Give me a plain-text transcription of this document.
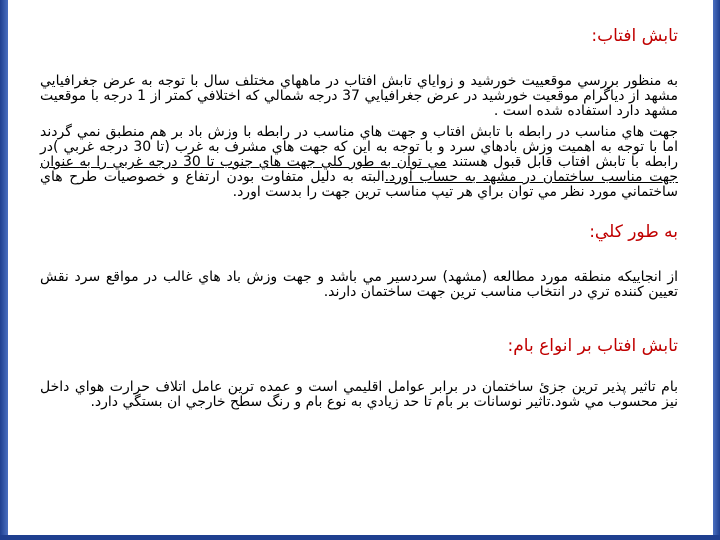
تابش افتاب:

به منظور بررسي موقعييت خورشيد و زواياي تابش افتاب در ماههاي مختلف سال با توجه به عرض جغرافيايي مشهد از دياگرام موقعيت خورشيد در عرض جغرافيايي 37 درجه شمالي كه اختلافي كمتر از 1 درجه با موقعيت مشهد دارد استفاده شده است .

جهت هاي مناسب در رابطه با تابش افتاب و جهت هاي مناسب در رابطه با وزش باد بر هم منطبق نمي گردند اما با توجه به اهميت وزش بادهاي سرد و با توجه به اين كه جهت هاي مشرف به غرب (تا 30 درجه غربي )در رابطه با تابش افتاب قابل قبول هستند مي توان به طور كلي جهت هاي جنوب تا 30 درجه غربي را به عنوان جهت مناسب ساختمان در مشهد به حساب اورد.البته به دليل متفاوت بودن ارتفاع و خصوصيات طرح هاي ساختماني مورد نظر مي توان براي هر تيپ مناسب ترين جهت را بدست اورد.

به طور كلي:

از انجاييكه منطقه مورد مطالعه (مشهد) سردسير مي باشد و جهت وزش باد هاي غالب در مواقع سرد نقش تعيين كننده تري در انتخاب مناسب ترين جهت ساختمان دارند.

تابش افتاب بر انواع بام:

بام تاثير پذير ترين جزئ ساختمان در برابر عوامل اقليمي است و عمده ترين عامل اتلاف حرارت هواي داخل نيز محسوب مي شود.تاثير نوسانات بر بام تا حد زيادي به نوع بام و رنگ سطح خارجي ان بستگي دارد.
